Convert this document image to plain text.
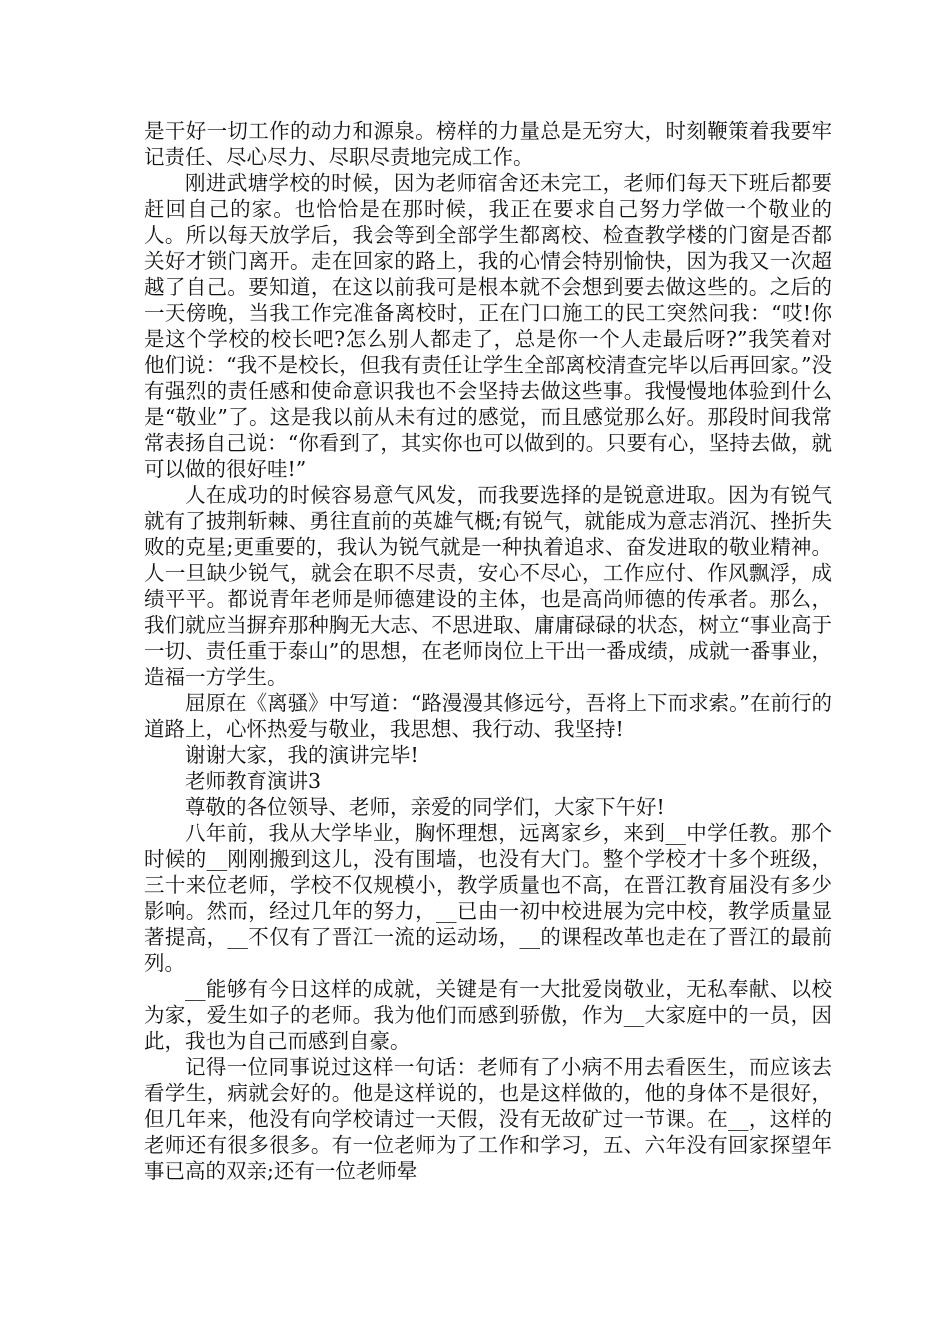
是干好一切工作的动力和源泉。榜样的力量总是无穷大，时刻鞭策着我要牢记责任、尽心尽力、尽职尽责地完成工作。

刚进武塘学校的时候，因为老师宿舍还未完工，老师们每天下班后都要赶回自己的家。也恰恰是在那时候，我正在要求自己努力学做一个敬业的人。所以每天放学后，我会等到全部学生都离校、检查教学楼的门窗是否都关好才锁门离开。走在回家的路上，我的心情会特别愉快，因为我又一次超越了自己。要知道，在这以前我可是根本就不会想到要去做这些的。之后的一天傍晚，当我工作完准备离校时，正在门口施工的民工突然问我：“哎!你是这个学校的校长吧?怎么别人都走了，总是你一个人走最后呀?”我笑着对他们说：“我不是校长，但我有责任让学生全部离校清查完毕以后再回家。”没有强烈的责任感和使命意识我也不会坚持去做这些事。我慢慢地体验到什么是“敬业”了。这是我以前从未有过的感觉，而且感觉那么好。那段时间我常常表扬自己说：“你看到了，其实你也可以做到的。只要有心，坚持去做，就可以做的很好哇!”

人在成功的时候容易意气风发，而我要选择的是锐意进取。因为有锐气就有了披荆斩棘、勇往直前的英雄气概;有锐气，就能成为意志消沉、挫折失败的克星;更重要的，我认为锐气就是一种执着追求、奋发进取的敬业精神。人一旦缺少锐气，就会在职不尽责，安心不尽心，工作应付、作风飘浮，成绩平平。都说青年老师是师德建设的主体，也是高尚师德的传承者。那么，我们就应当摒弃那种胸无大志、不思进取、庸庸碌碌的状态，树立“事业高于一切、责任重于泰山”的思想，在老师岗位上干出一番成绩，成就一番事业，造福一方学生。

屈原在《离骚》中写道：“路漫漫其修远兮，吾将上下而求索。”在前行的道路上，心怀热爱与敬业，我思想、我行动、我坚持!

谢谢大家，我的演讲完毕!

老师教育演讲3

尊敬的各位领导、老师，亲爱的同学们，大家下午好!

八年前，我从大学毕业，胸怀理想，远离家乡，来到__中学任教。那个时候的__刚刚搬到这儿，没有围墙，也没有大门。整个学校才十多个班级，三十来位老师，学校不仅规模小，教学质量也不高，在晋江教育届没有多少影响。然而，经过几年的努力，__已由一初中校进展为完中校，教学质量显著提高，__不仅有了晋江一流的运动场，__的课程改革也走在了晋江的最前列。

__能够有今日这样的成就，关键是有一大批爱岗敬业，无私奉献、以校为家，爱生如子的老师。我为他们而感到骄傲，作为__大家庭中的一员，因此，我也为自己而感到自豪。

记得一位同事说过这样一句话：老师有了小病不用去看医生，而应该去看学生，病就会好的。他是这样说的，也是这样做的，他的身体不是很好，但几年来，他没有向学校请过一天假，没有无故矿过一节课。在__，这样的老师还有很多很多。有一位老师为了工作和学习，五、六年没有回家探望年事已高的双亲;还有一位老师晕
